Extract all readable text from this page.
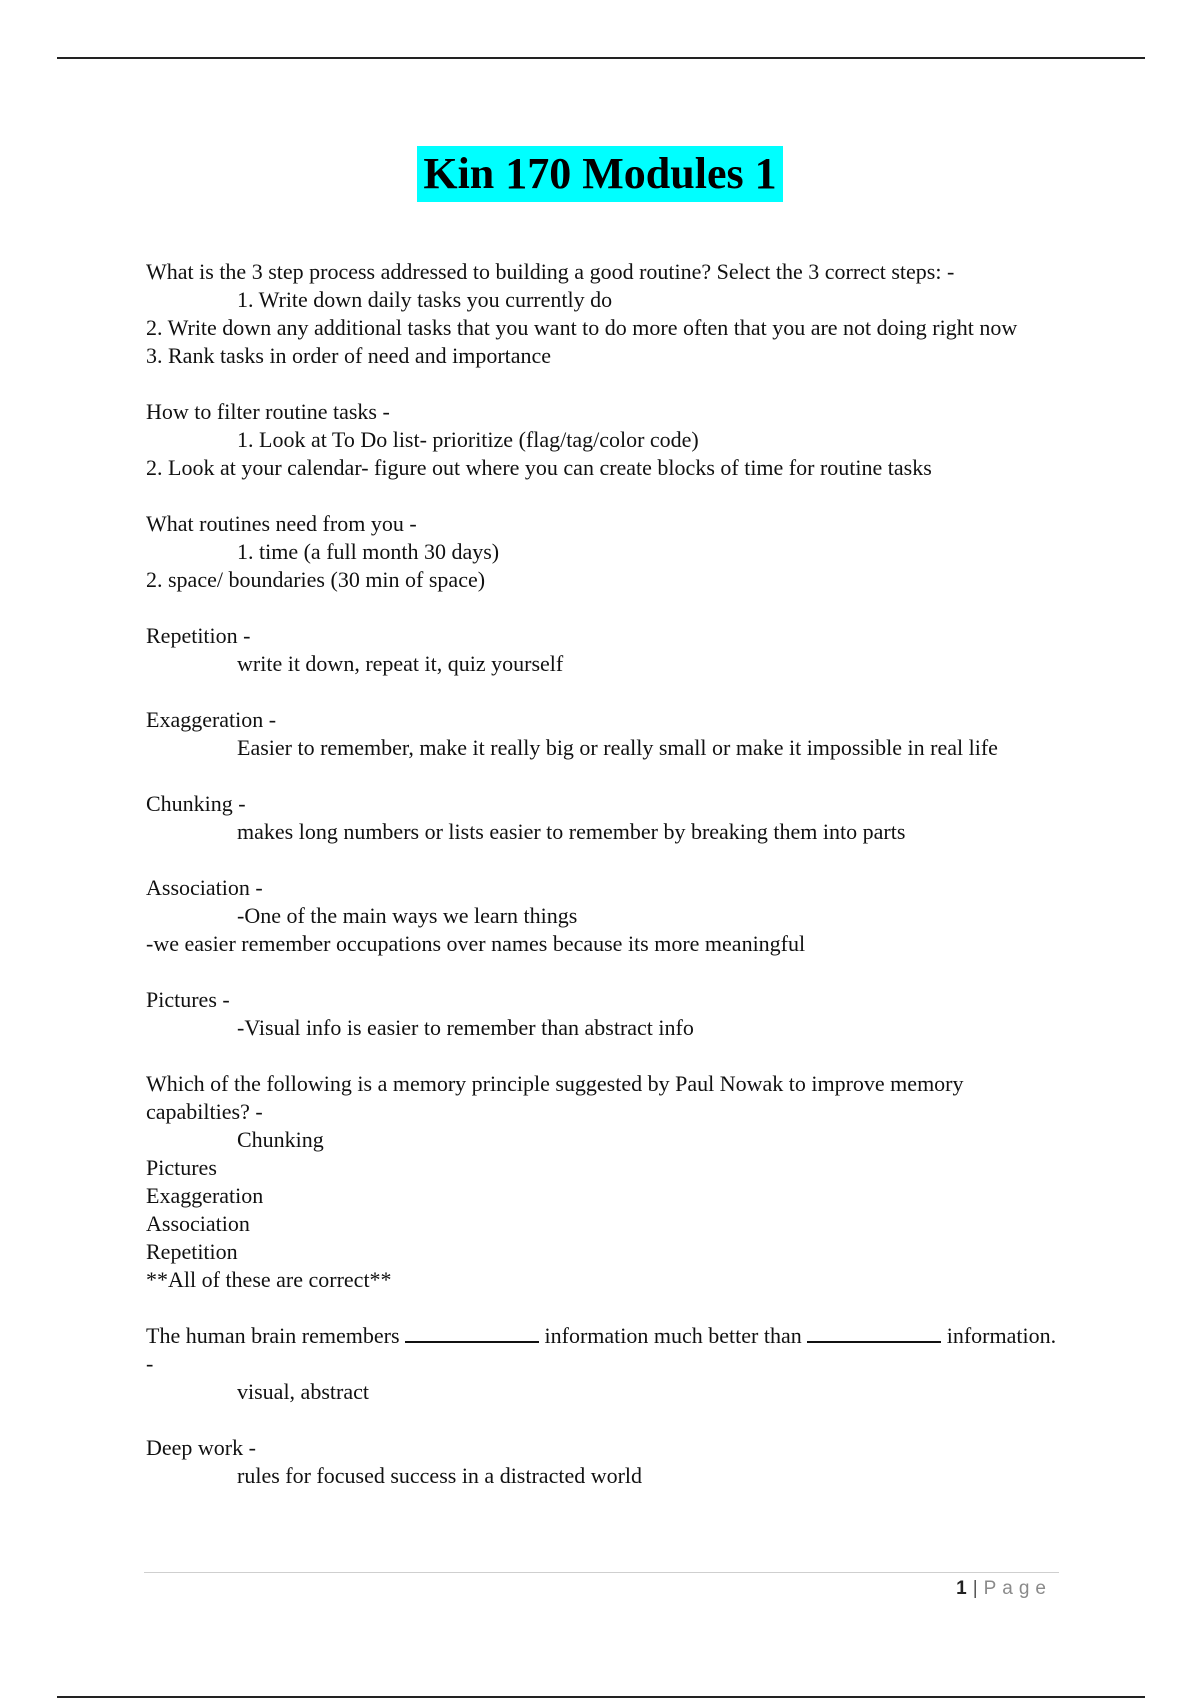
Kin 170 Modules 1

What is the 3 step process addressed to building a good routine? Select the 3 correct steps: -

1. Write down daily tasks you currently do

2. Write down any additional tasks that you want to do more often that you are not doing right now

3. Rank tasks in order of need and importance

How to filter routine tasks -

1. Look at To Do list- prioritize (flag/tag/color code)

2. Look at your calendar- figure out where you can create blocks of time for routine tasks

What routines need from you -

1. time (a full month 30 days)

2. space/ boundaries (30 min of space)

Repetition -

write it down, repeat it, quiz yourself

Exaggeration -

Easier to remember, make it really big or really small or make it impossible in real life

Chunking -

makes long numbers or lists easier to remember by breaking them into parts

Association -

-One of the main ways we learn things

-we easier remember occupations over names because its more meaningful

Pictures -

-Visual info is easier to remember than abstract info

Which of the following is a memory principle suggested by Paul Nowak to improve memory capabilties? -

Chunking

Pictures

Exaggeration

Association

Repetition

**All of these are correct**

The human brain remembers	information much better than	information. -

visual, abstract

Deep work -

rules for focused success in a distracted world

1 | Page
